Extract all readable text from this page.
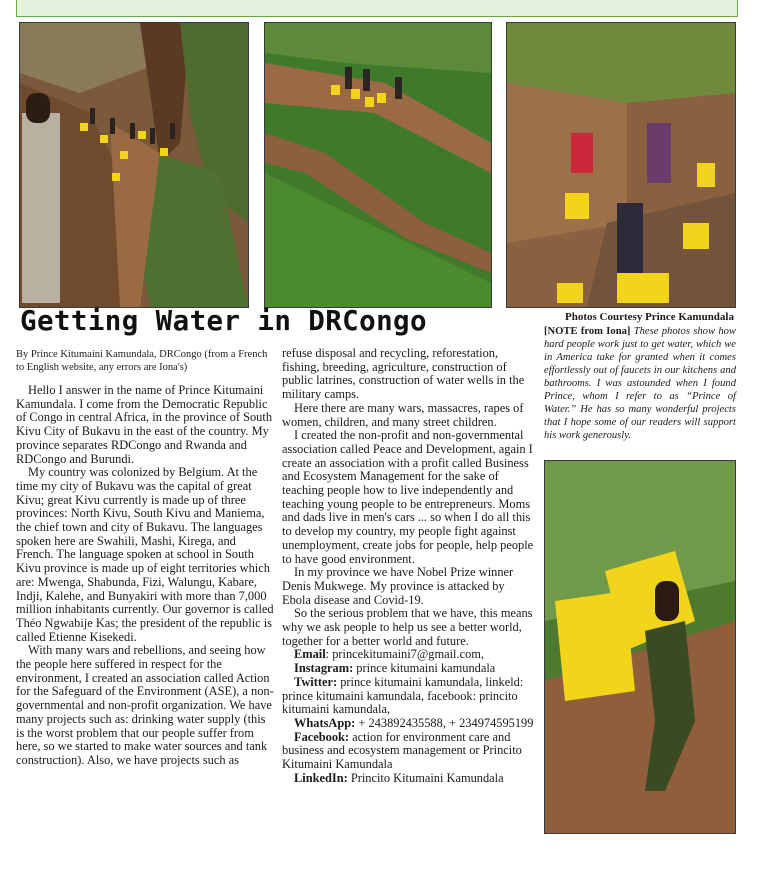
Getting Water in DRCongo
By Prince Kitumaini Kamundala, DRCongo (from a French to English website, any errors are Iona's)

Hello I answer in the name of Prince Kitumaini Kamundala. I come from the Democratic Republic of Congo in central Africa, in the province of South Kivu City of Bukavu in the east of the country. My province separates RDCongo and Rwanda and RDCongo and Burundi.

My country was colonized by Belgium. At the time my city of Bukavu was the capital of great Kivu; great Kivu currently is made up of three provinces: North Kivu, South Kivu and Maniema, the chief town and city of Bukavu. The languages spoken here are Swahili, Mashi, Kirega, and French. The language spoken at school in South Kivu province is made up of eight territories which are: Mwenga, Shabunda, Fizi, Walungu, Kabare, Indji, Kalehe, and Bunyakiri with more than 7,000 million inhabitants currently. Our governor is called Théo Ngwabije Kas; the president of the republic is called Etienne Kisekedi.

With many wars and rebellions, and seeing how the people here suffered in respect for the environment, I created an association called Action for the Safeguard of the Environment (ASE), a non-governmental and non-profit organization. We have many projects such as: drinking water supply (this is the worst problem that our people suffer from here, so we started to make water sources and tank construction). Also, we have projects such as

refuse disposal and recycling, reforestation, fishing, breeding, agriculture, construction of public latrines, construction of water wells in the military camps.

Here there are many wars, massacres, rapes of women, children, and many street children.

I created the non-profit and non-governmental association called Peace and Development, again I create an association with a profit called Business and Ecosystem Management for the sake of teaching people how to live independently and teaching young people to be entrepreneurs. Moms and dads live in men's cars ... so when I do all this to develop my country, my people fight against unemployment, create jobs for people, help people to have good environment.

In my province we have Nobel Prize winner Denis Mukwege. My province is attacked by Ebola disease and Covid-19.

So the serious problem that we have, this means why we ask people to help us see a better world, together for a better world and future.

Email: princekitumaini7@gmail.com,

Instagram: prince kitumaini kamundala

Twitter: prince kitumaini kamundala, linkeld: prince kitumaini kamundala, facebook: princito kitumaini kamundala,

WhatsApp: + 243892435588, + 234974595199

Facebook: action for environment care and business and ecosystem management or Princito Kitumaini Kamundala

LinkedIn: Princito Kitumaini Kamundala

Photos Courtesy Prince Kamundala
[NOTE from Iona] These photos show how hard people work just to get water, which we in America take for granted when it comes effortlessly out of faucets in our kitchens and bathrooms. I was astounded when I found Prince, whom I refer to as “Prince of Water.” He has so many wonderful projects that I hope some of our readers will support his work generously.
